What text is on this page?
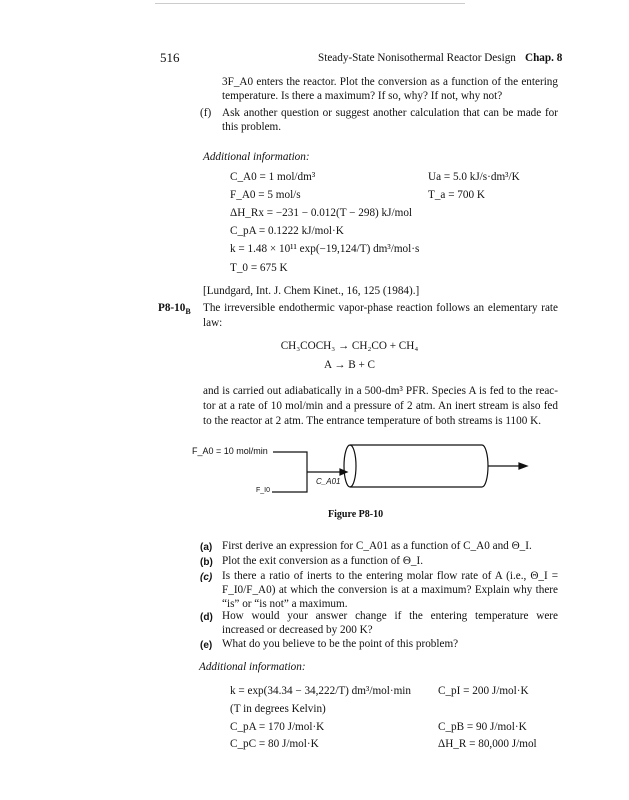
516	Steady-State Nonisothermal Reactor Design Chap. 8
3F_A0 enters the reactor. Plot the conversion as a function of the entering
temperature. Is there a maximum? If so, why? If not, why not?
(f) Ask another question or suggest another calculation that can be made for
this problem.
Additional information:
C_A0 = 1 mol/dm³	Ua = 5.0 kJ/s·dm³/K
F_A0 = 5 mol/s	T_a = 700 K
ΔH_Rx = −231 − 0.012(T − 298) kJ/mol
C_pA = 0.1222 kJ/mol·K
k = 1.48 × 10¹¹ exp(−19,124/T) dm³/mol·s
T_0 = 675 K
[Lundgard, Int. J. Chem Kinet., 16, 125 (1984).]
$P8-10_B$ The irreversible endothermic vapor-phase reaction follows an elementary rate
law:
CH₃COCH₃ → CH₂CO + CH₄
A → B + C
and is carried out adiabatically in a 500-dm³ PFR. Species A is fed to the reac-
tor at a rate of 10 mol/min and a pressure of 2 atm. An inert stream is also fed
to the reactor at 2 atm. The entrance temperature of both streams is 1100 K.
F_A0 = 10 mol/min
F_I0
C_A01
Figure P8-10
(a) First derive an expression for C_A01 as a function of C_A0 and Θ_I.
(b) Plot the exit conversion as a function of Θ_I.
(c) Is there a ratio of inerts to the entering molar flow rate of A (i.e., Θ_I =
F_I0/F_A0) at which the conversion is at a maximum? Explain why there
“is” or “is not” a maximum.
(d) How would your answer change if the entering temperature were
increased or decreased by 200 K?
(e) What do you believe to be the point of this problem?
Additional information:
k = exp(34.34 − 34,222/T) dm³/mol·min C_pI = 200 J/mol·K
(T in degrees Kelvin)
C_pA = 170 J/mol·K	C_pB = 90 J/mol·K
C_pC = 80 J/mol·K	ΔH_R = 80,000 J/mol
